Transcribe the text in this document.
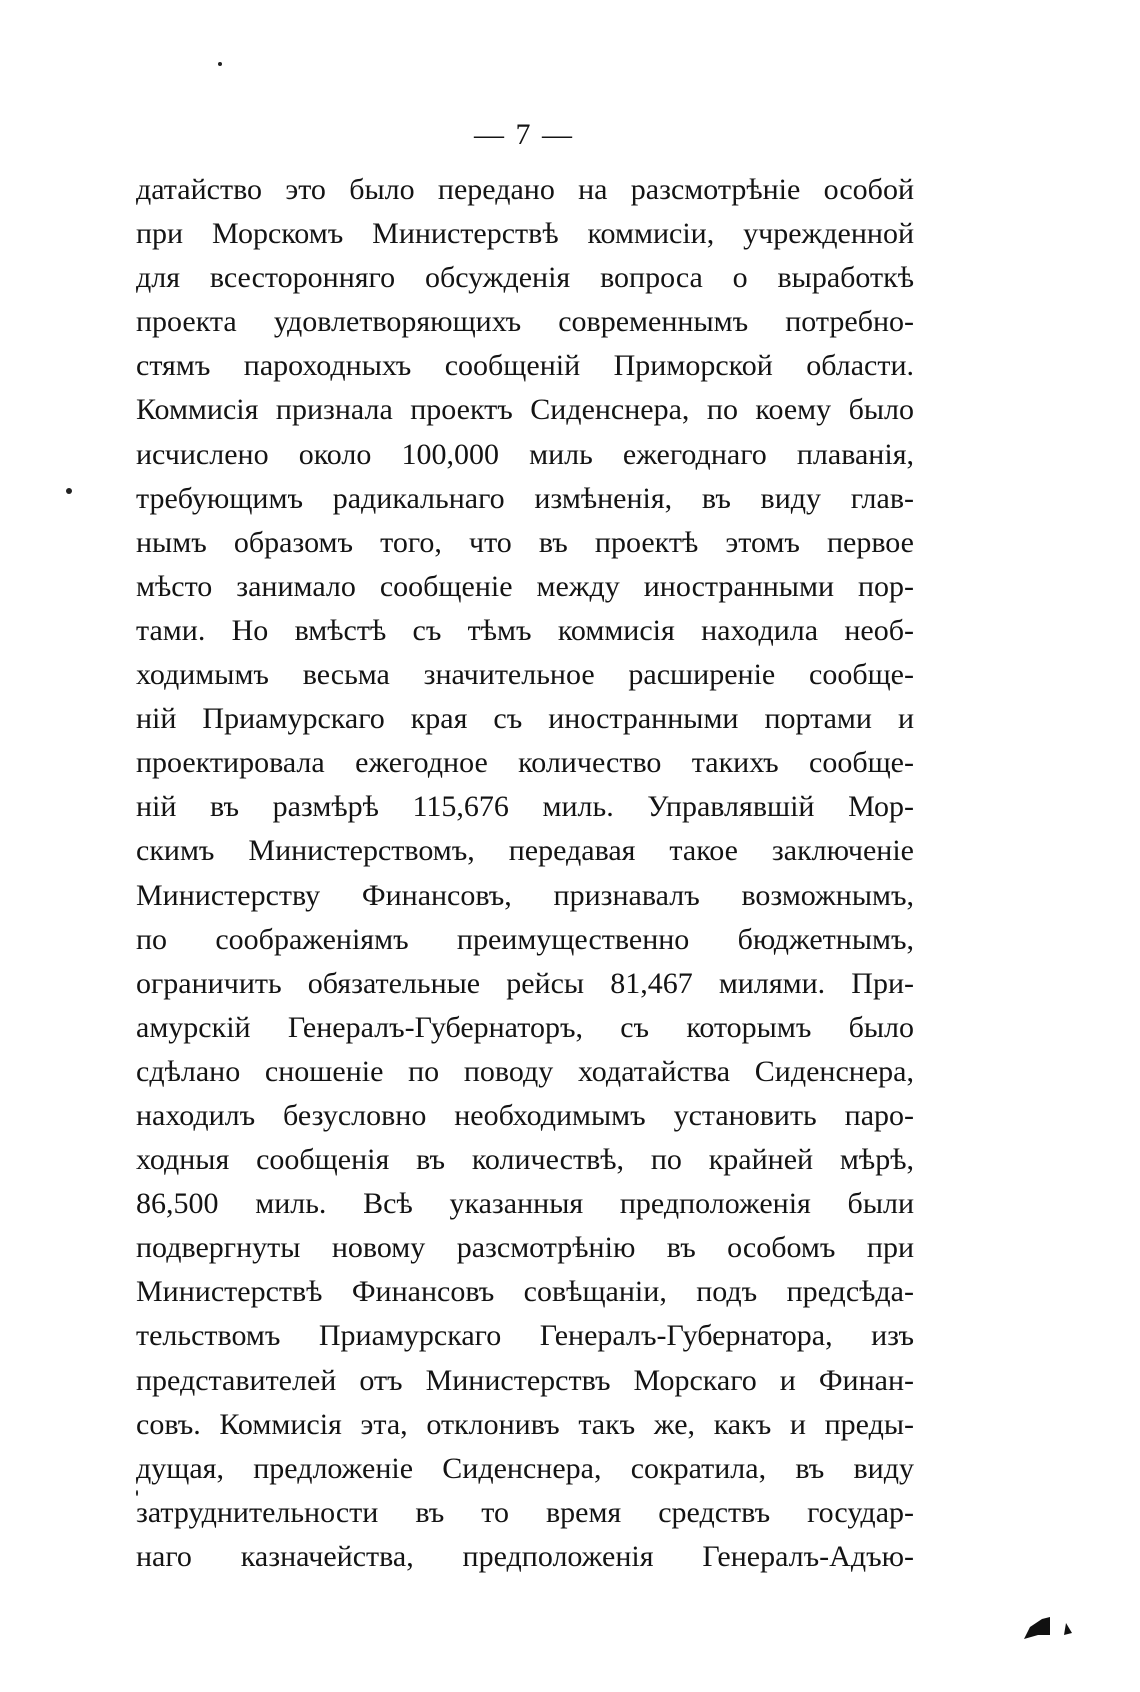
— 7 —
датайство это было передано на разсмотрѣніе особой
при Морскомъ Министерствѣ коммисіи, учрежденной
для всесторонняго обсужденія вопроса о выработкѣ
проекта удовлетворяющихъ современнымъ потребно-
стямъ пароходныхъ сообщеній Приморской области.
Коммисія признала проектъ Сиденснера, по коему было
исчислено около 100,000 миль ежегоднаго плаванія,
требующимъ радикальнаго измѣненія, въ виду глав-
нымъ образомъ того, что въ проектѣ этомъ первое
мѣсто занимало сообщеніе между иностранными пор-
тами. Но вмѣстѣ съ тѣмъ коммисія находила необ-
ходимымъ весьма значительное расширеніе сообще-
ній Приамурскаго края съ иностранными портами и
проектировала ежегодное количество такихъ сообще-
ній въ размѣрѣ 115,676 миль. Управлявшій Мор-
скимъ Министерствомъ, передавая такое заключеніе
Министерству Финансовъ, признавалъ возможнымъ,
по соображеніямъ преимущественно бюджетнымъ,
ограничить обязательные рейсы 81,467 милями. При-
амурскій Генералъ-Губернаторъ, съ которымъ было
сдѣлано сношеніе по поводу ходатайства Сиденснера,
находилъ безусловно необходимымъ установить паро-
ходныя сообщенія въ количествѣ, по крайней мѣрѣ,
86,500 миль. Всѣ указанныя предположенія были
подвергнуты новому разсмотрѣнію въ особомъ при
Министерствѣ Финансовъ совѣщаніи, подъ предсѣда-
тельствомъ Приамурскаго Генералъ-Губернатора, изъ
представителей отъ Министерствъ Морскаго и Финан-
совъ. Коммисія эта, отклонивъ такъ же, какъ и преды-
дущая, предложеніе Сиденснера, сократила, въ виду
затруднительности въ то время средствъ государ-
наго казначейства, предположенія Генералъ-Адъю-
